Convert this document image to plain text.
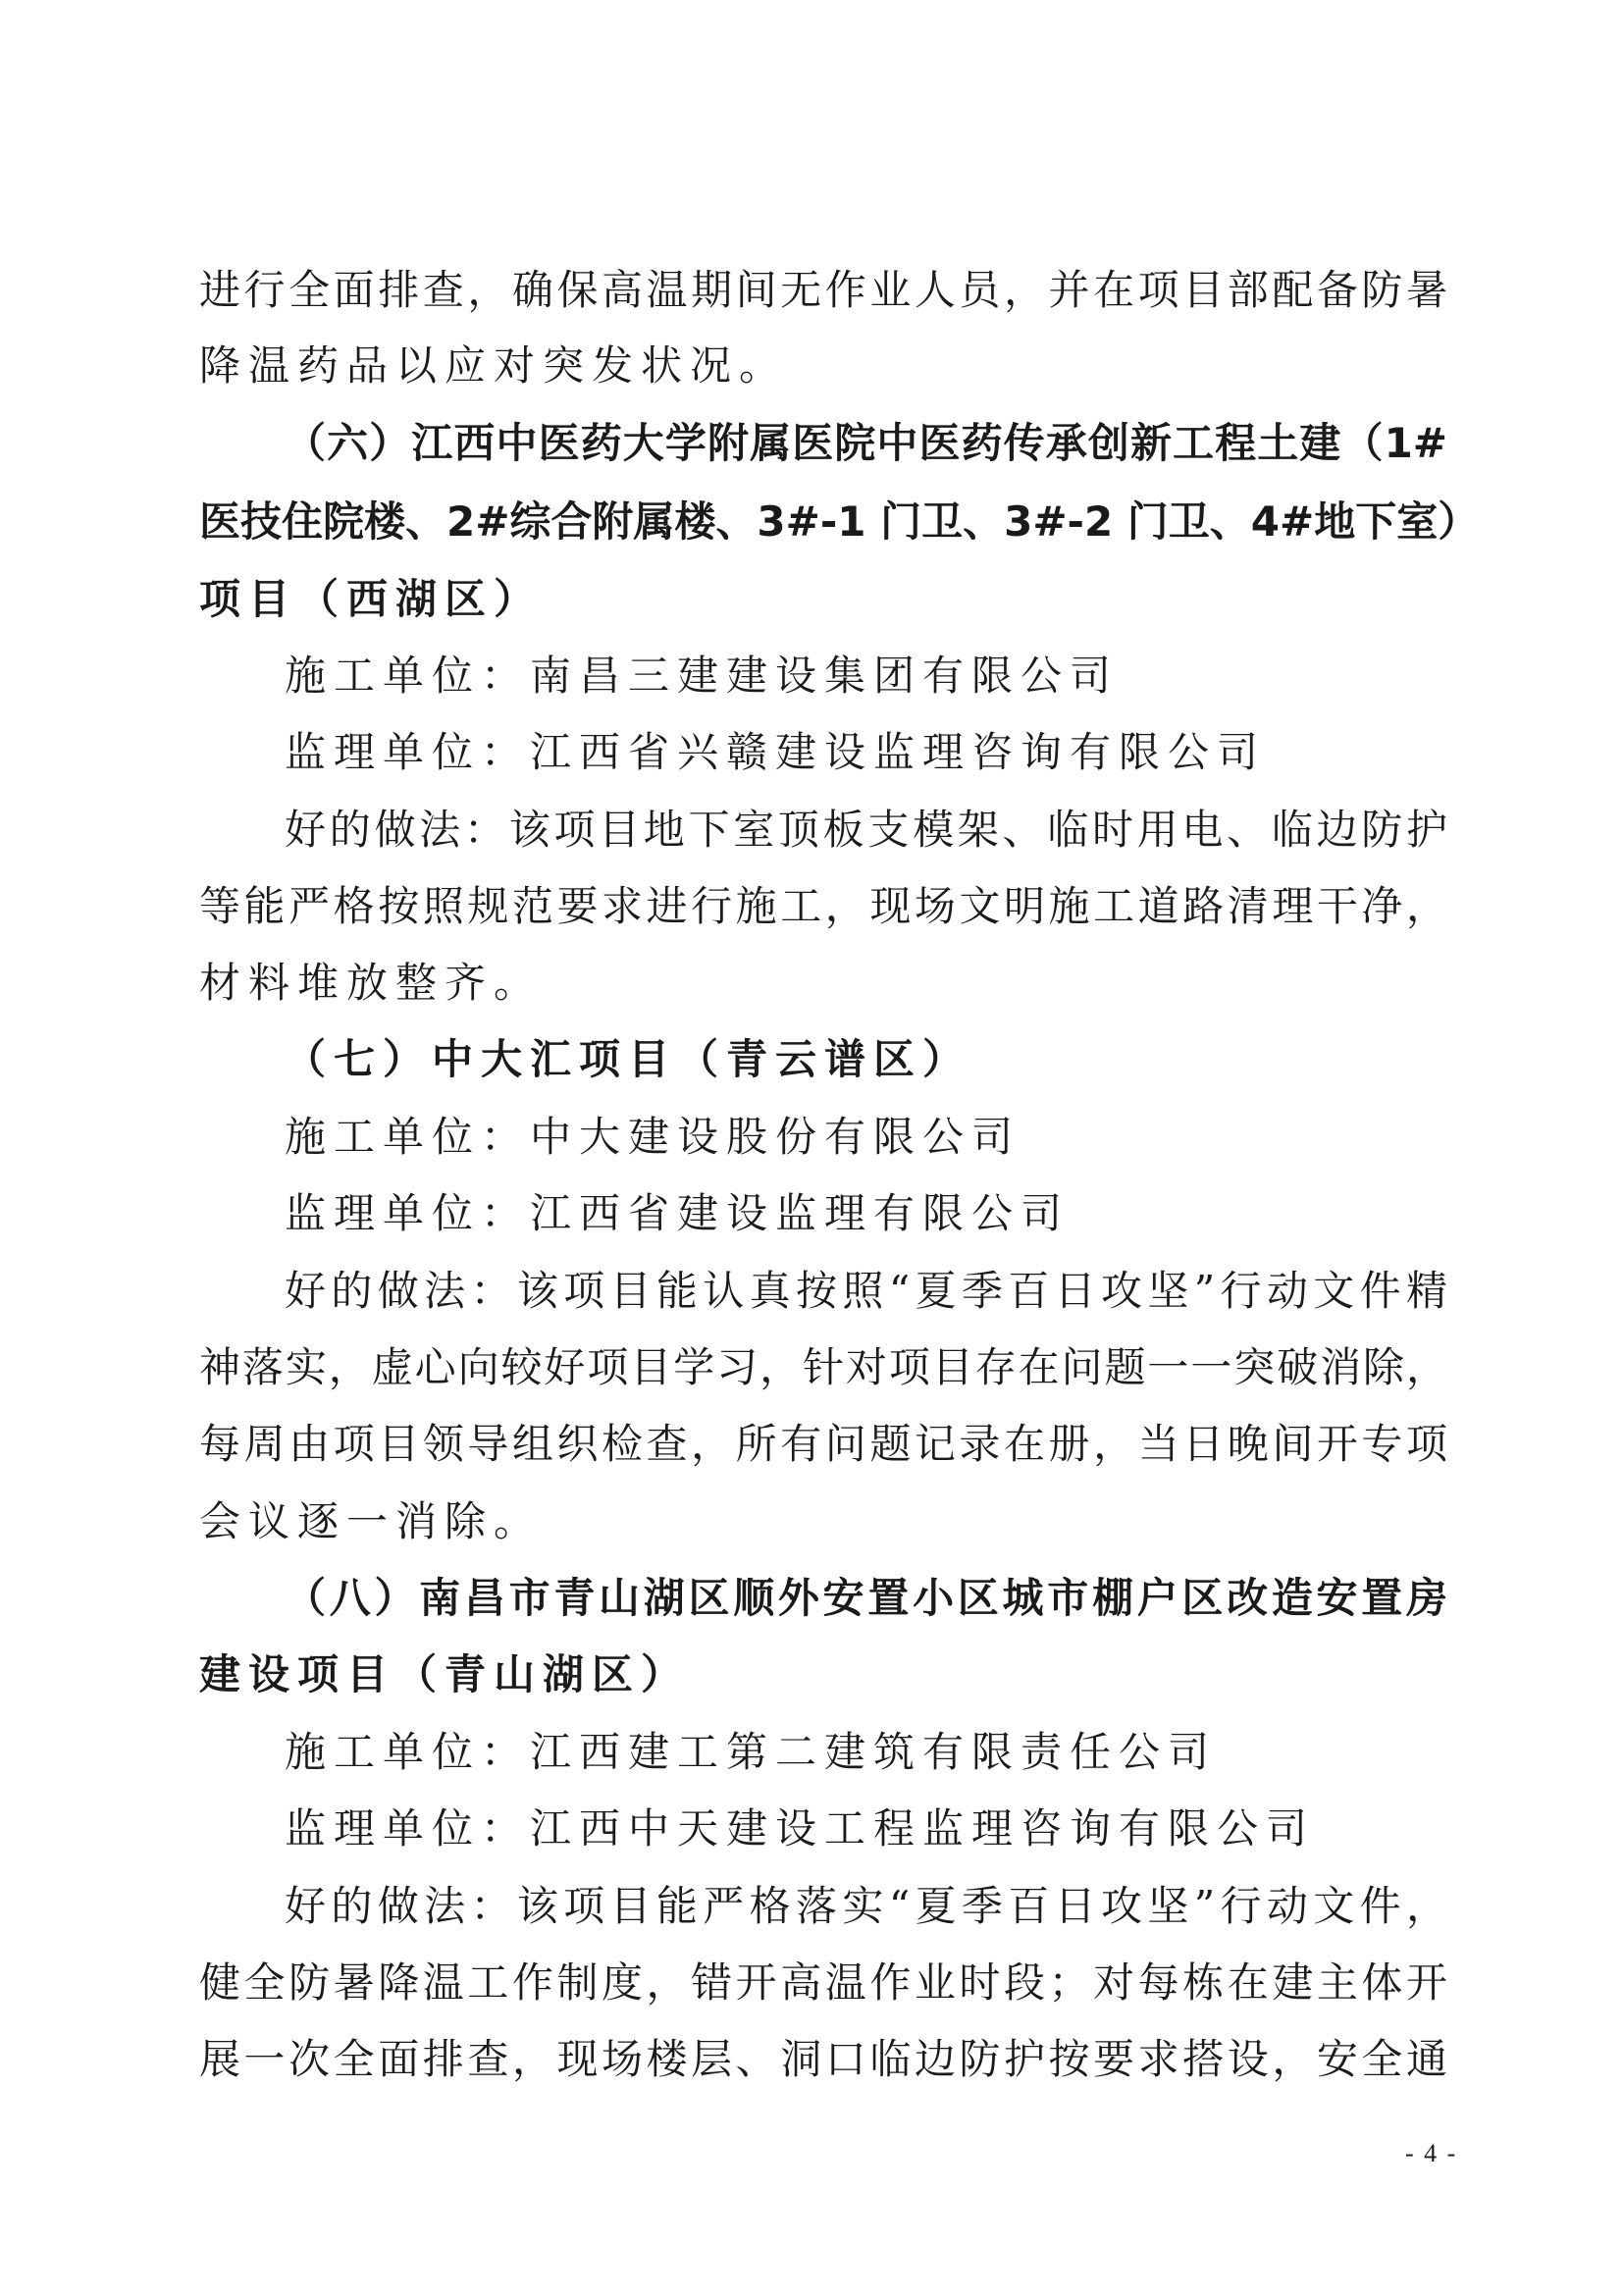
进行全面排查，确保高温期间无作业人员，并在项目部配备防暑
降温药品以应对突发状况。
（六）江西中医药大学附属医院中医药传承创新工程土建（1#
医技住院楼、2#综合附属楼、3#-1 门卫、3#-2 门卫、4#地下室）
项目（西湖区）
施工单位：南昌三建建设集团有限公司
监理单位：江西省兴赣建设监理咨询有限公司
好的做法：该项目地下室顶板支模架、临时用电、临边防护
等能严格按照规范要求进行施工，现场文明施工道路清理干净，
材料堆放整齐。
（七）中大汇项目（青云谱区）
施工单位：中大建设股份有限公司
监理单位：江西省建设监理有限公司
好的做法：该项目能认真按照“夏季百日攻坚”行动文件精
神落实，虚心向较好项目学习，针对项目存在问题一一突破消除，
每周由项目领导组织检查，所有问题记录在册，当日晚间开专项
会议逐一消除。
（八）南昌市青山湖区顺外安置小区城市棚户区改造安置房
建设项目（青山湖区）
施工单位：江西建工第二建筑有限责任公司
监理单位：江西中天建设工程监理咨询有限公司
好的做法：该项目能严格落实“夏季百日攻坚”行动文件，
健全防暑降温工作制度，错开高温作业时段；对每栋在建主体开
展一次全面排查，现场楼层、洞口临边防护按要求搭设，安全通
- 4 -
